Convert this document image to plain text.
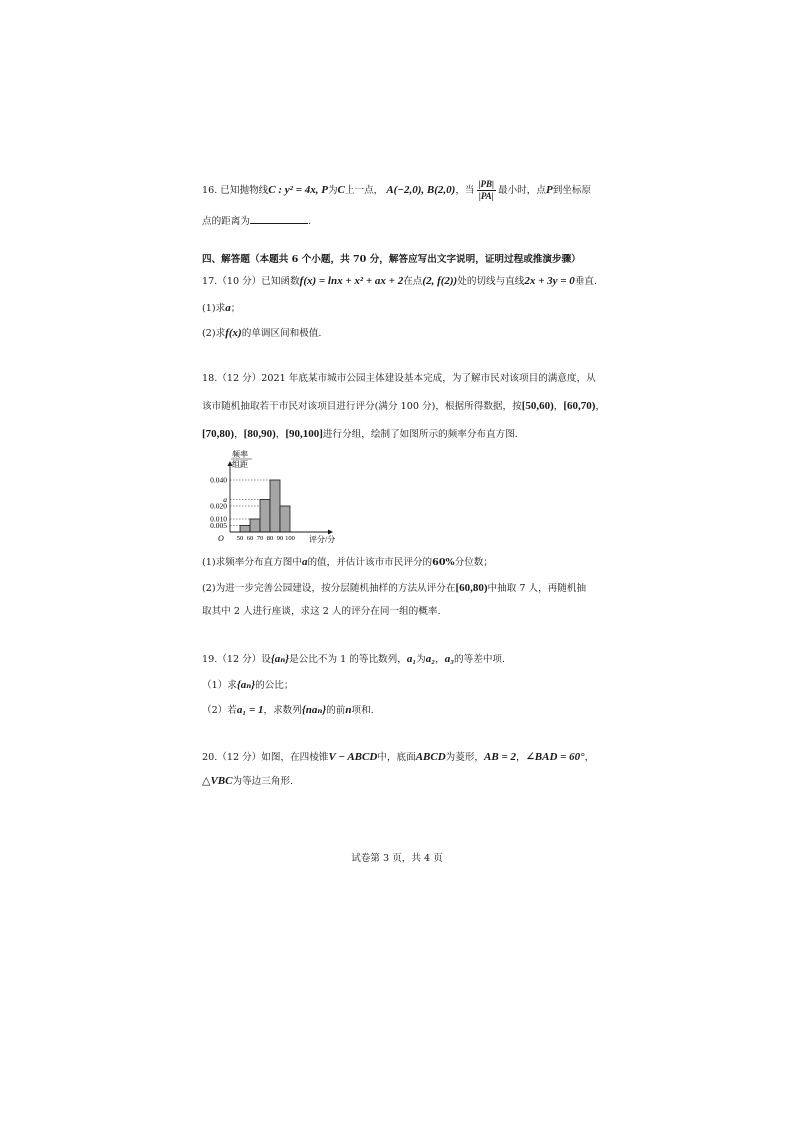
16. 已知抛物线C : y² = 4x, P为C上一点， A(−2,0), B(2,0)，当 $\frac{|PB|}{|PA|}$ 最小时，点P到坐标原
点的距离为	.
四、解答题（本题共 6 个小题，共 70 分，解答应写出文字说明，证明过程或推演步骤）
17.（10 分）已知函数f(x) = lnx + x² + ax + 2在点(2, f(2))处的切线与直线2x + 3y = 0垂直.
(1)求a；
(2)求f(x)的单调区间和极值.
18.（12 分）2021 年底某市城市公园主体建设基本完成，为了解市民对该项目的满意度，从
该市随机抽取若干市民对该项目进行评分(满分 100 分)，根据所得数据，按[50,60)，[60,70)，
[70,80)，[80,90)，[90,100]进行分组，绘制了如图所示的频率分布直方图.
0.005
0.010
0.020
a
0.040
50 60 70 80 90 100
O
频率
组距
评分/分
(1)求频率分布直方图中a的值，并估计该市市民评分的60%分位数；
(2)为进一步完善公园建设，按分层随机抽样的方法从评分在[60,80)中抽取 7 人，再随机抽
取其中 2 人进行座谈，求这 2 人的评分在同一组的概率.
19.（12 分）设{aₙ}是公比不为 1 的等比数列，a₁为a₂，a₃的等差中项.
（1）求{aₙ}的公比；
（2）若a₁ = 1，求数列{naₙ}的前n项和.
20.（12 分）如图，在四棱锥V − ABCD中，底面ABCD为菱形，AB = 2，∠BAD = 60°，
△VBC为等边三角形.
试卷第 3 页，共 4 页
